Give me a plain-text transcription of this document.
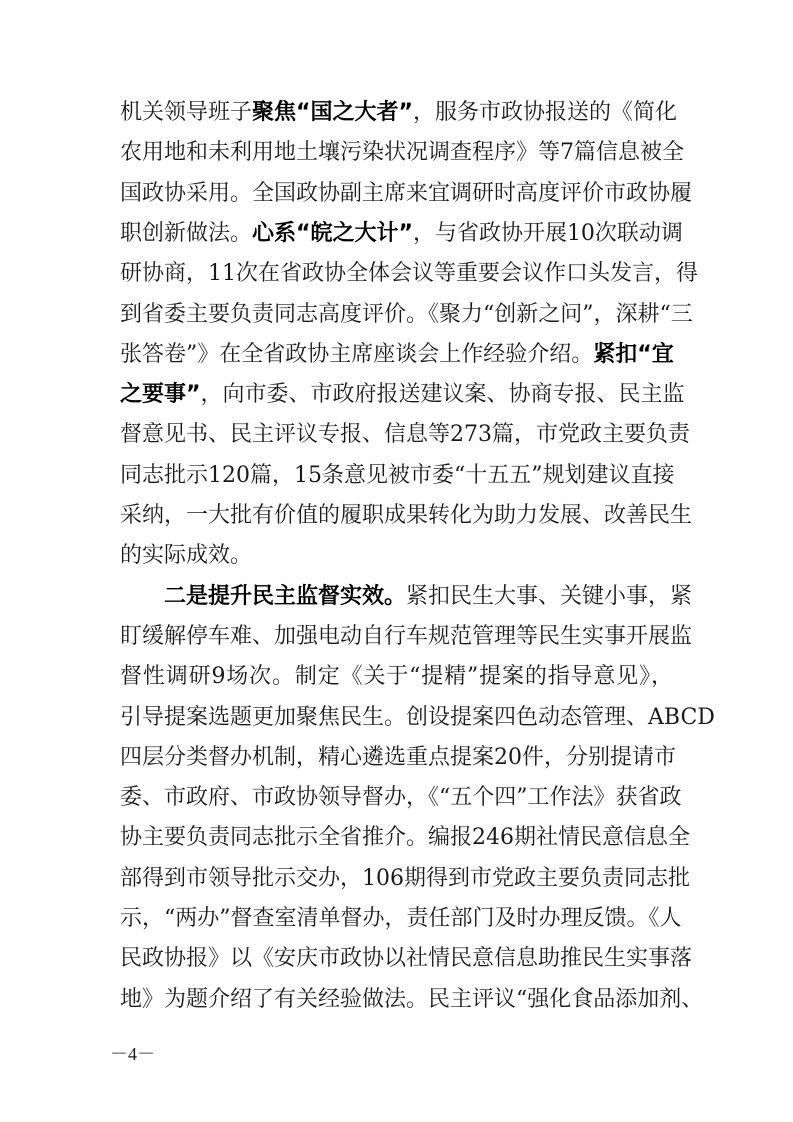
机关领导班子聚焦“国之大者”，服务市政协报送的《简化
农用地和未利用地土壤污染状况调查程序》等7篇信息被全
国政协采用。全国政协副主席来宜调研时高度评价市政协履
职创新做法。心系“皖之大计”，与省政协开展10次联动调
研协商，11次在省政协全体会议等重要会议作口头发言，得
到省委主要负责同志高度评价。《聚力“创新之问”，深耕“三
张答卷”》在全省政协主席座谈会上作经验介绍。紧扣“宜
之要事”，向市委、市政府报送建议案、协商专报、民主监
督意见书、民主评议专报、信息等273篇，市党政主要负责
同志批示120篇，15条意见被市委“十五五”规划建议直接
采纳，一大批有价值的履职成果转化为助力发展、改善民生
的实际成效。
二是提升民主监督实效。紧扣民生大事、关键小事，紧
盯缓解停车难、加强电动自行车规范管理等民生实事开展监
督性调研9场次。制定《关于“提精”提案的指导意见》，
引导提案选题更加聚焦民生。创设提案四色动态管理、ABCD
四层分类督办机制，精心遴选重点提案20件，分别提请市
委、市政府、市政协领导督办，《“五个四”工作法》获省政
协主要负责同志批示全省推介。编报246期社情民意信息全
部得到市领导批示交办，106期得到市党政主要负责同志批
示，“两办”督查室清单督办，责任部门及时办理反馈。《人
民政协报》以《安庆市政协以社情民意信息助推民生实事落
地》为题介绍了有关经验做法。民主评议“强化食品添加剂、
－4－
